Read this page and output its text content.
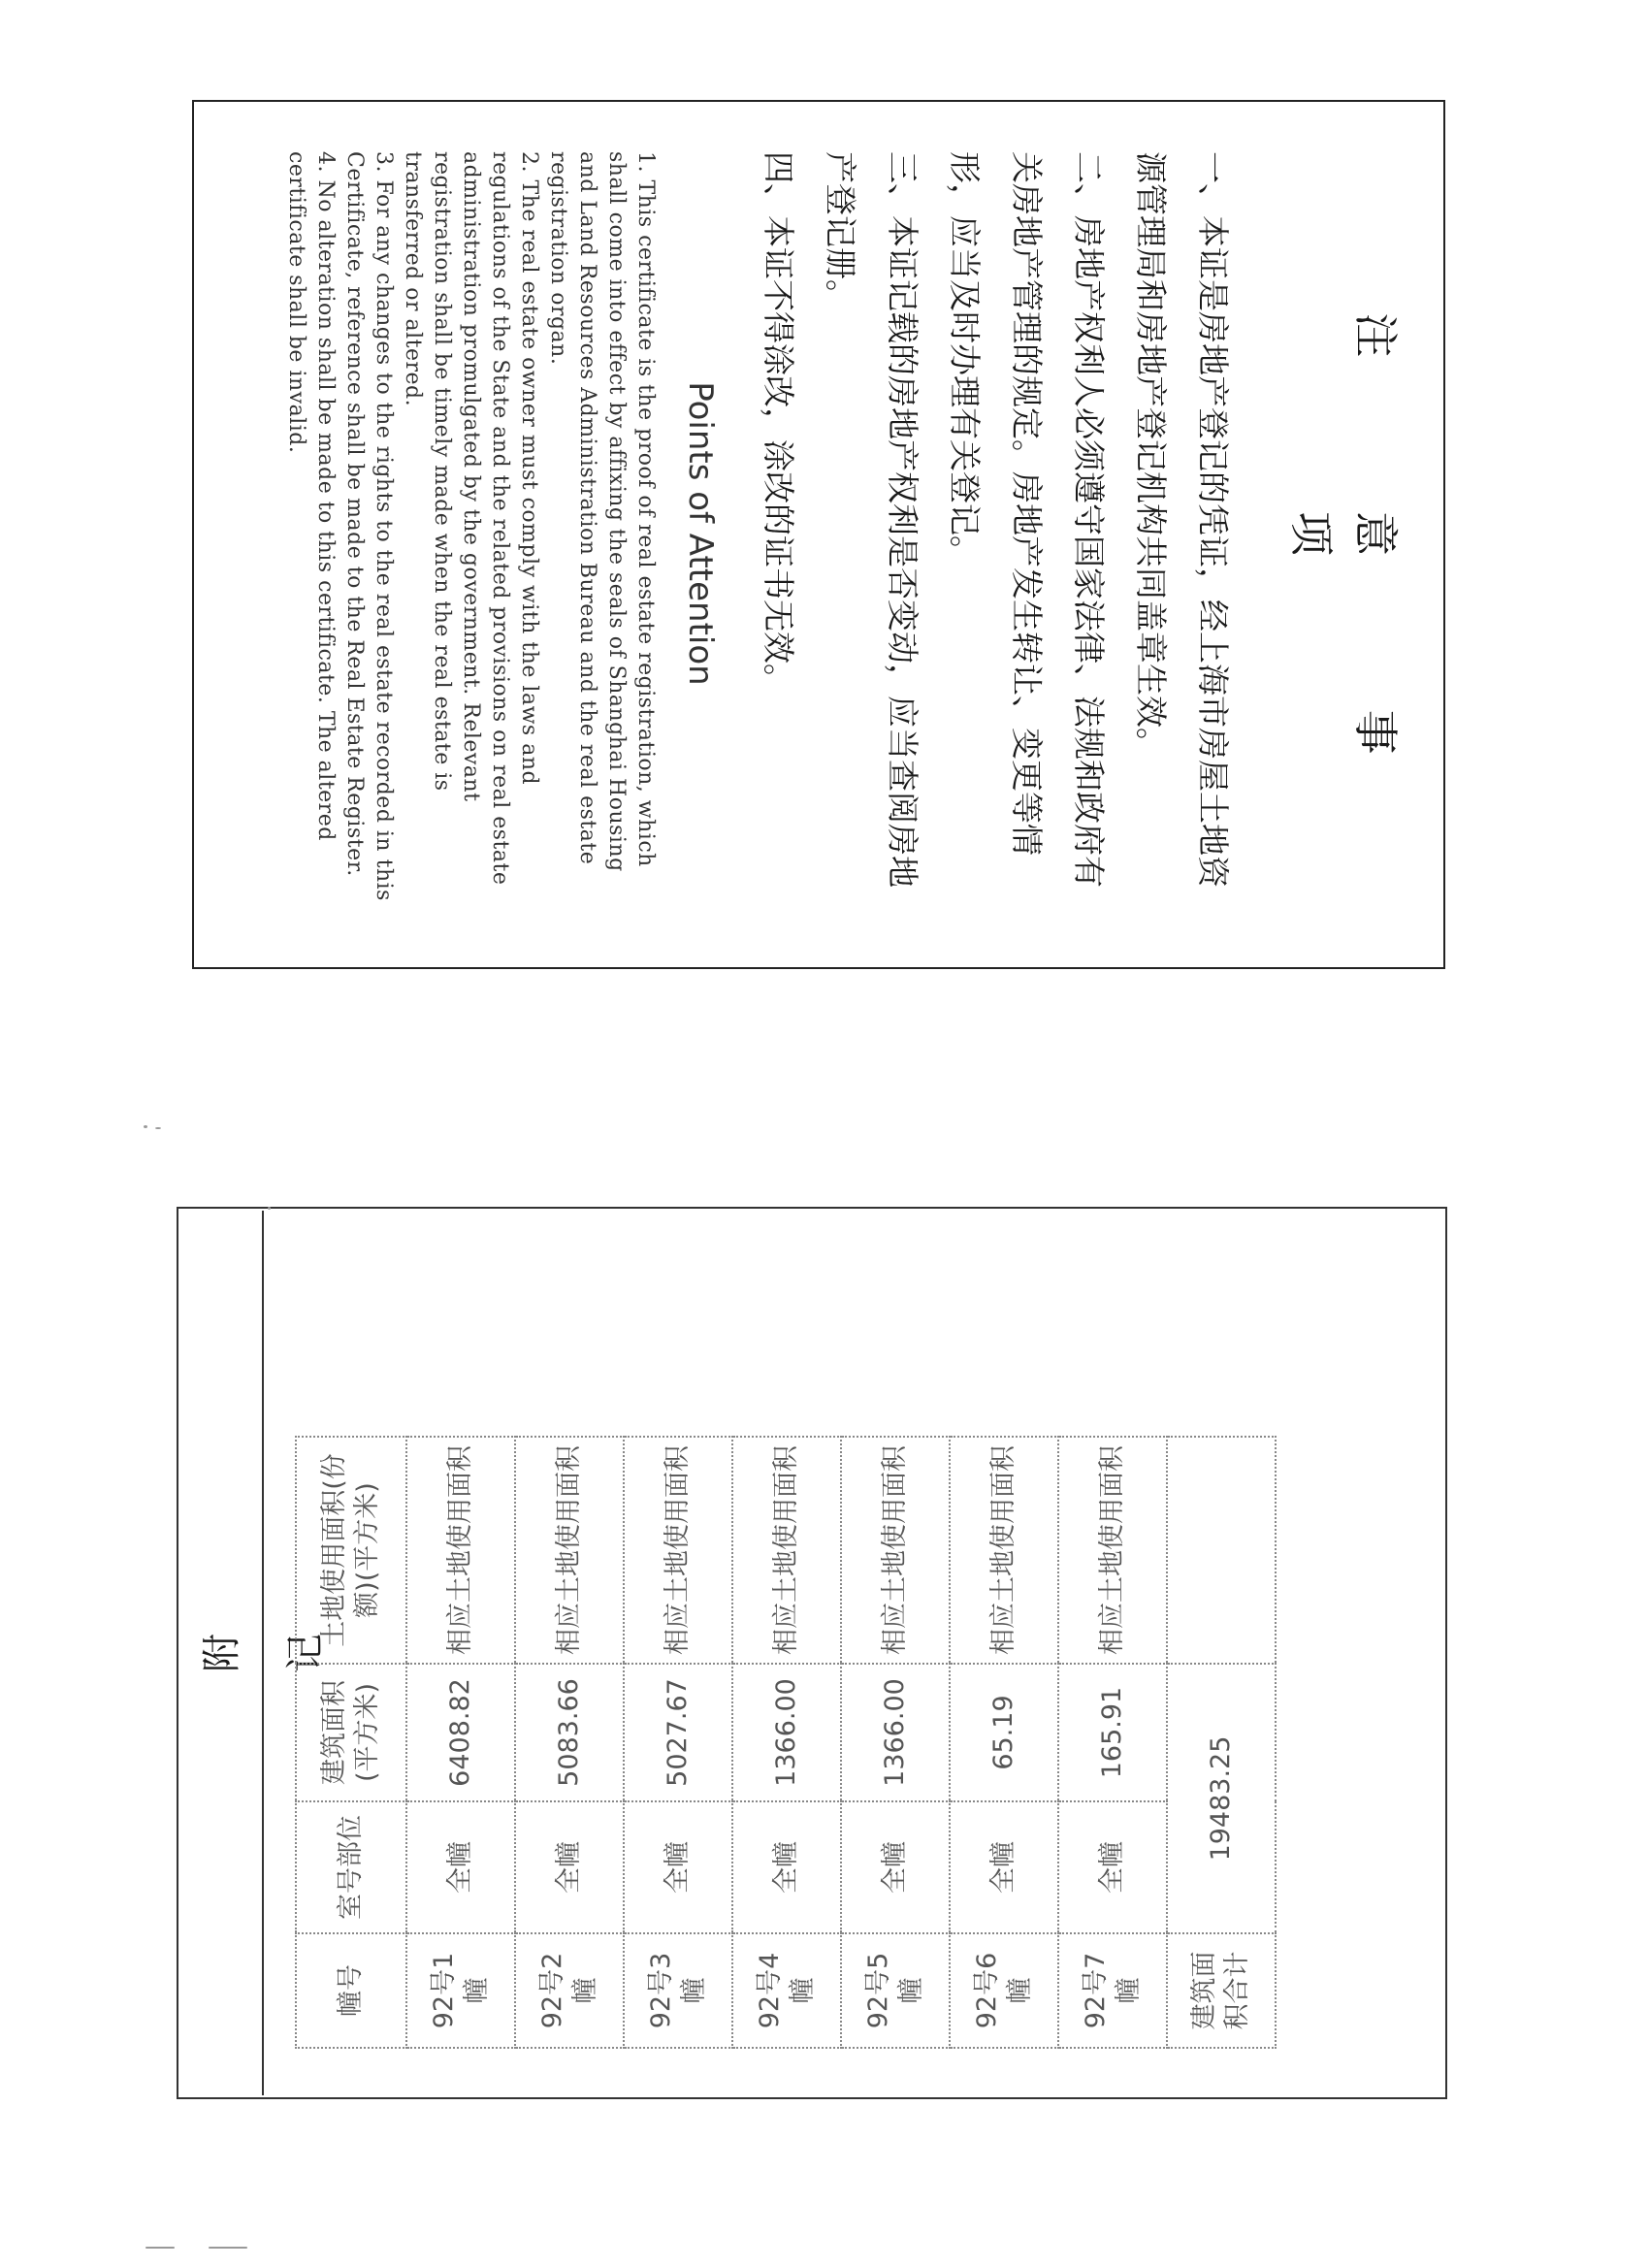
注 意 事 项

一、本证是房地产登记的凭证，经上海市房屋土地资源管理局和房地产登记机构共同盖章生效。

二、房地产权利人必须遵守国家法律、法规和政府有关房地产管理的规定。房地产发生转让、变更等情形，应当及时办理有关登记。

三、本证记载的房地产权利是否变动，应当查阅房地产登记册。

四、本证不得涂改，涂改的证书无效。

Points of Attention

1. This certificate is the proof of real estate registration, which shall come into effect by affixing the seals of Shanghai Housing and Land Resources Administration Bureau and the real estate registration organ.

2. The real estate owner must comply with the laws and regulations of the State and the related provisions on real estate administration promulgated by the government. Relevant registration shall be timely made when the real estate is transferred or altered.

3. For any changes to the rights to the real estate recorded in this Certificate, reference shall be made to the Real Estate Register.

4. No alteration shall be made to this certificate. The altered certificate shall be invalid.

附 记
幢号	室号部位	建筑面积(平方米)	土地使用面积(份额)(平方米)
92号1幢	全幢	6408.82	相应土地使用面积
92号2幢	全幢	5083.66	相应土地使用面积
92号3幢	全幢	5027.67	相应土地使用面积
92号4幢	全幢	1366.00	相应土地使用面积
92号5幢	全幢	1366.00	相应土地使用面积
92号6幢	全幢	65.19	相应土地使用面积
92号7幢	全幢	165.91	相应土地使用面积
建筑面积合计	19483.25		
